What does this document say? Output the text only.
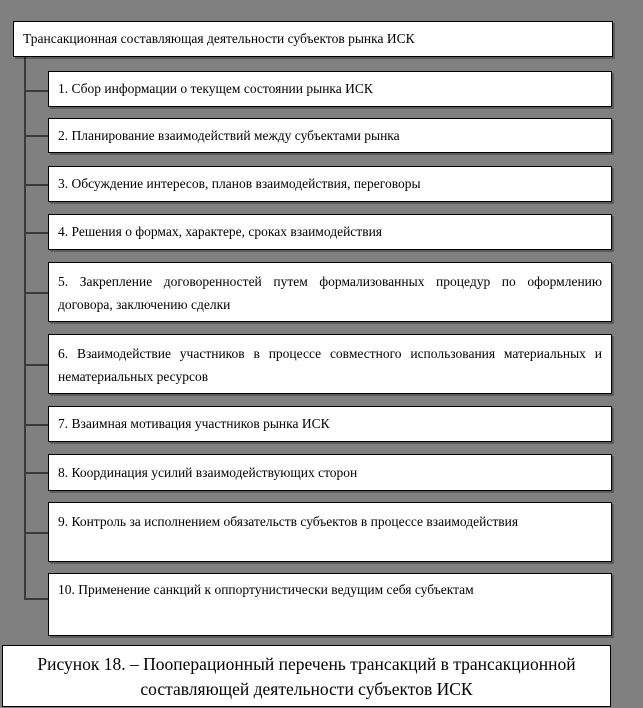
Трансакционная составляющая деятельности субъектов рынка ИСК
1. Сбор информации о текущем состоянии рынка ИСК
2. Планирование взаимодействий между субъектами рынка
3. Обсуждение интересов, планов взаимодействия, переговоры
4. Решения о формах, характере, сроках взаимодействия
5. Закрепление договоренностей путем формализованных процедур по оформлению договора, заключению сделки
6. Взаимодействие участников в процессе совместного использования материальных и нематериальных ресурсов
7. Взаимная мотивация участников рынка ИСК
8. Координация усилий взаимодействующих сторон
9. Контроль за исполнением обязательств субъектов в процессе взаимодействия
10. Применение санкций к оппортунистически ведущим себя субъектам
Рисунок 18. – Пооперационный перечень трансакций в трансакционной
составляющей деятельности субъектов ИСК
